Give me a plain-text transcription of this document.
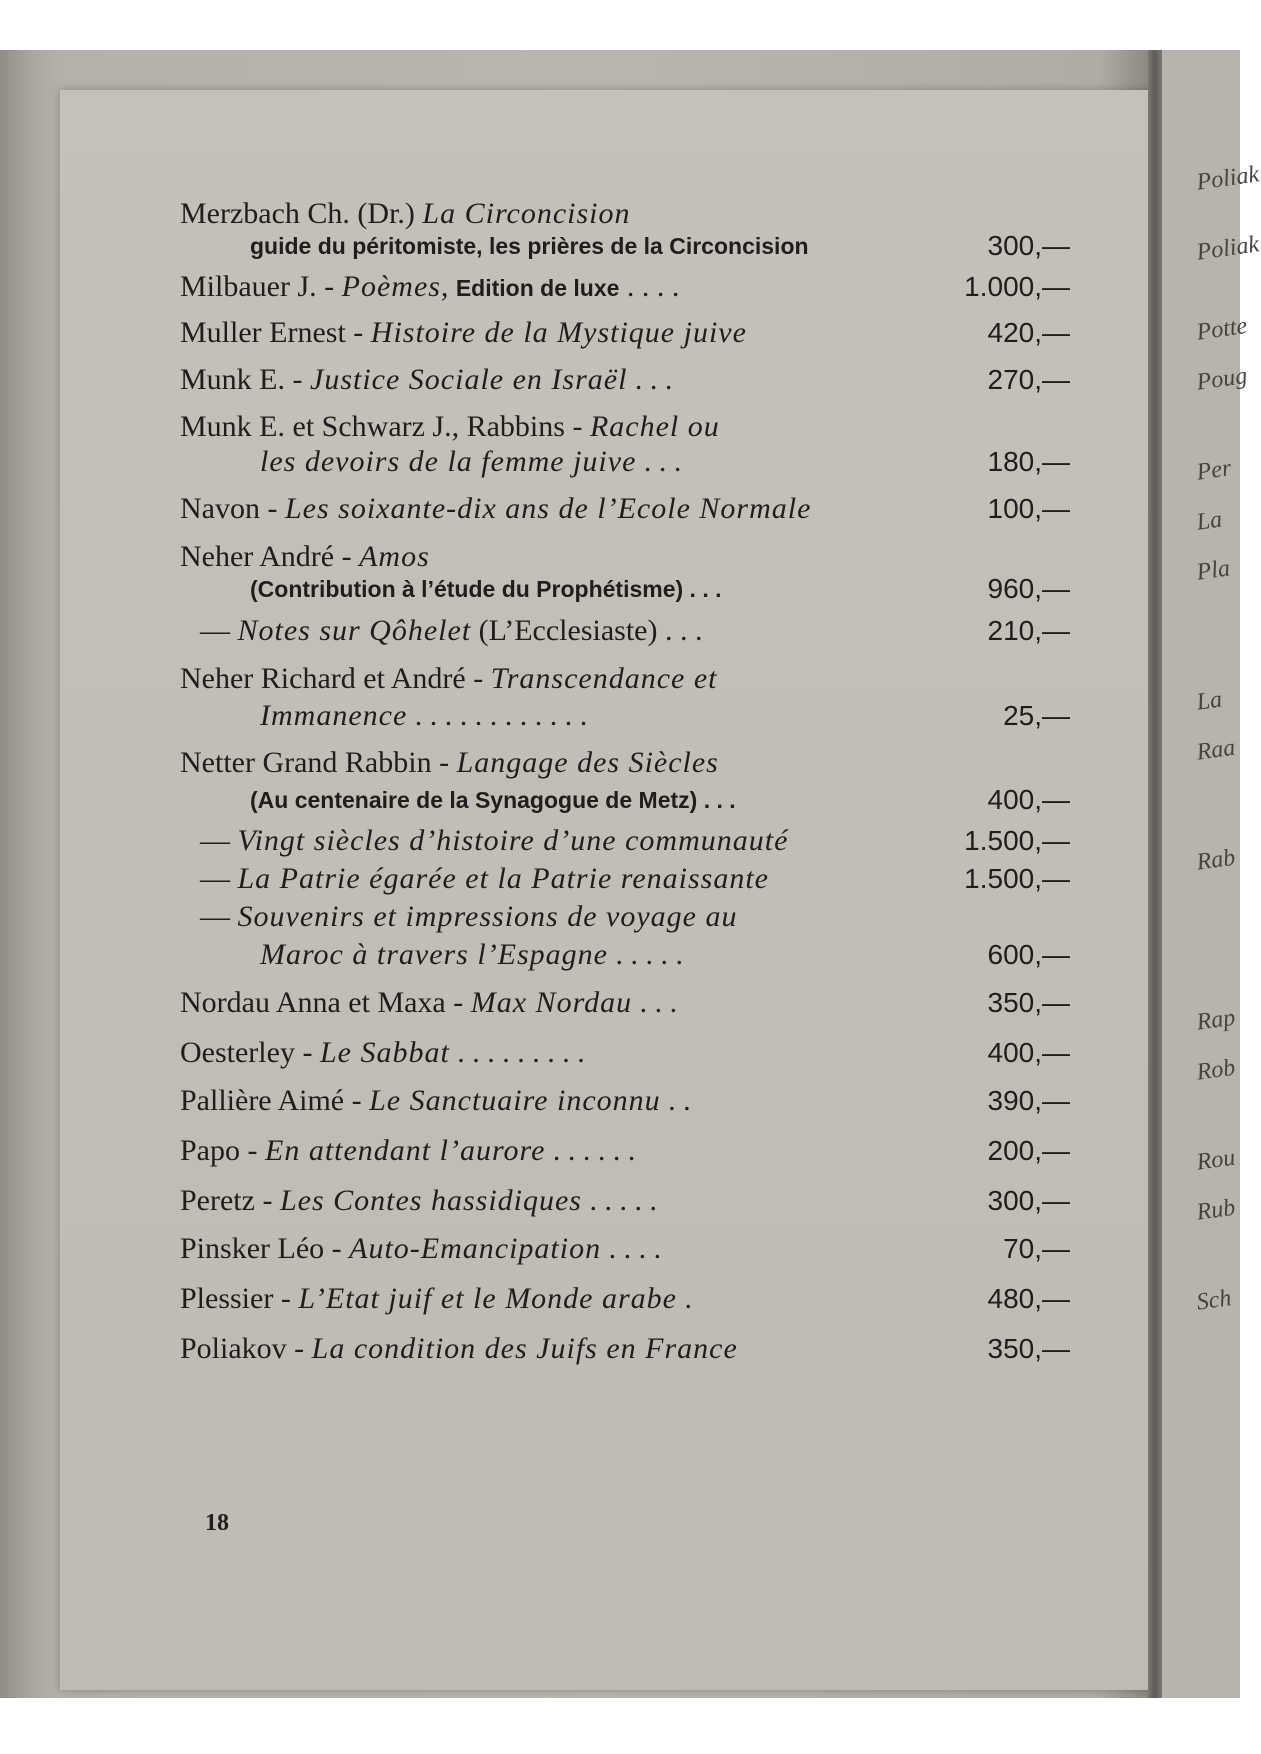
Poliak
Poliak
Potte
Poug
Per
La
Pla
La
Raa
Rab
Rap
Rob
Rou
Rub
Sch
Merzbach Ch. (Dr.) La Circoncision
guide du péritomiste, les prières de la Circoncision	300,—
Milbauer J. - Poèmes, Edition de luxe . . . .	1.000,—
Muller Ernest - Histoire de la Mystique juive	420,—
Munk E. - Justice Sociale en Israël . . .	270,—
Munk E. et Schwarz J., Rabbins - Rachel ou
les devoirs de la femme juive . . .	180,—
Navon - Les soixante-dix ans de l’Ecole Normale	100,—
Neher André - Amos
(Contribution à l’étude du Prophétisme) . . .	960,—
— Notes sur Qôhelet (L’Ecclesiaste) . . .	210,—
Neher Richard et André - Transcendance et
Immanence . . . . . . . . . . . .	25,—
Netter Grand Rabbin - Langage des Siècles
(Au centenaire de la Synagogue de Metz) . . .	400,—
— Vingt siècles d’histoire d’une communauté	1.500,—
— La Patrie égarée et la Patrie renaissante	1.500,—
— Souvenirs et impressions de voyage au
Maroc à travers l’Espagne . . . . .	600,—
Nordau Anna et Maxa - Max Nordau . . .	350,—
Oesterley - Le Sabbat . . . . . . . . .	400,—
Pallière Aimé - Le Sanctuaire inconnu . .	390,—
Papo - En attendant l’aurore . . . . . .	200,—
Peretz - Les Contes hassidiques . . . . .	300,—
Pinsker Léo - Auto-Emancipation . . . .	70,—
Plessier - L’Etat juif et le Monde arabe .	480,—
Poliakov - La condition des Juifs en France	350,—
18
